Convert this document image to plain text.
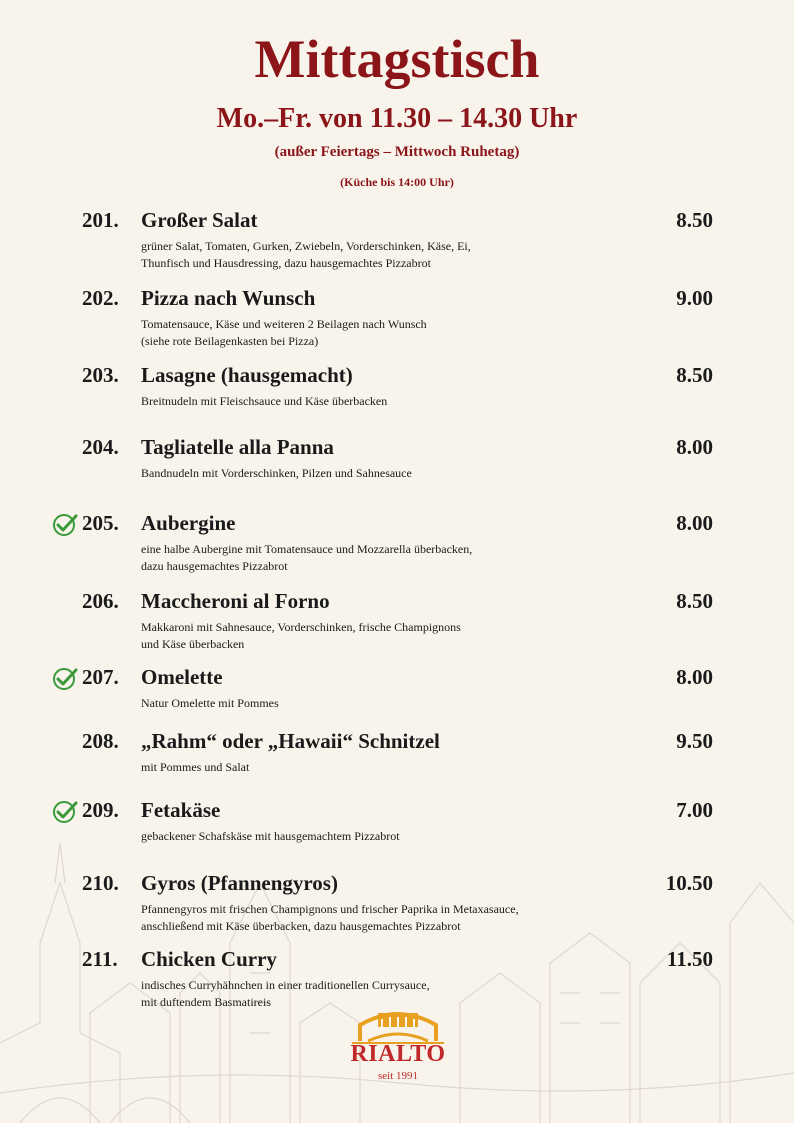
Mittagstisch
Mo.–Fr. von 11.30 – 14.30 Uhr
(außer Feiertags – Mittwoch Ruhetag)
(Küche bis 14:00 Uhr)
201. Großer Salat	8.50
grüner Salat, Tomaten, Gurken, Zwiebeln, Vorderschinken, Käse, Ei,
Thunfisch und Hausdressing, dazu hausgemachtes Pizzabrot
202. Pizza nach Wunsch	9.00
Tomatensauce, Käse und weiteren 2 Beilagen nach Wunsch
(siehe rote Beilagenkasten bei Pizza)
203. Lasagne (hausgemacht)	8.50
Breitnudeln mit Fleischsauce und Käse überbacken
204. Tagliatelle alla Panna	8.00
Bandnudeln mit Vorderschinken, Pilzen und Sahnesauce
205. Aubergine	8.00
eine halbe Aubergine mit Tomatensauce und Mozzarella überbacken,
dazu hausgemachtes Pizzabrot
206. Maccheroni al Forno	8.50
Makkaroni mit Sahnesauce, Vorderschinken, frische Champignons
und Käse überbacken
207. Omelette	8.00
Natur Omelette mit Pommes
208. „Rahm“ oder „Hawaii“ Schnitzel	9.50
mit Pommes und Salat
209. Fetakäse	7.00
gebackener Schafskäse mit hausgemachtem Pizzabrot
210. Gyros (Pfannengyros)	10.50
Pfannengyros mit frischen Champignons und frischer Paprika in Metaxasauce,
anschließend mit Käse überbacken, dazu hausgemachtes Pizzabrot
211. Chicken Curry	11.50
indisches Curryhähnchen in einer traditionellen Currysauce,
mit duftendem Basmatireis
RIALTO
seit 1991
